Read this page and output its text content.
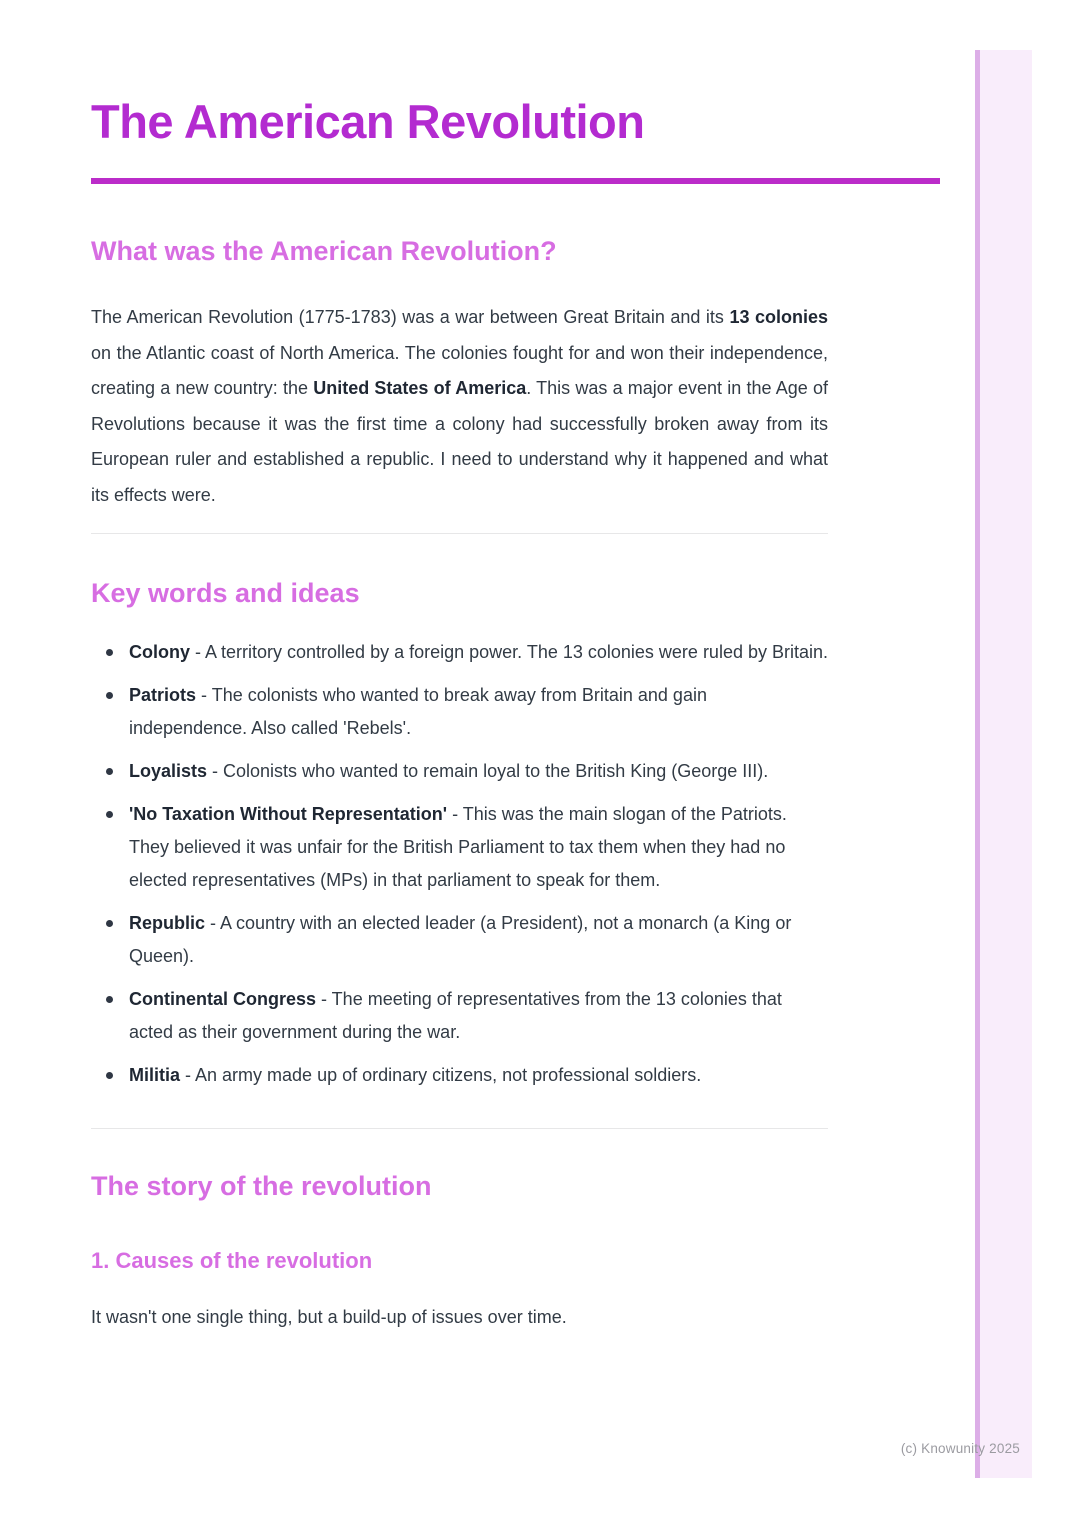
The American Revolution
What was the American Revolution?

The American Revolution (1775-1783) was a war between Great Britain and its 13 colonies on the Atlantic coast of North America. The colonies fought for and won their independence, creating a new country: the United States of America. This was a major event in the Age of Revolutions because it was the first time a colony had successfully broken away from its European ruler and established a republic. I need to understand why it happened and what its effects were.

Key words and ideas
Colony - A territory controlled by a foreign power. The 13 colonies were ruled by Britain.
Patriots - The colonists who wanted to break away from Britain and gain independence. Also called 'Rebels'.
Loyalists - Colonists who wanted to remain loyal to the British King (George III).
'No Taxation Without Representation' - This was the main slogan of the Patriots. They believed it was unfair for the British Parliament to tax them when they had no elected representatives (MPs) in that parliament to speak for them.
Republic - A country with an elected leader (a President), not a monarch (a King or Queen).
Continental Congress - The meeting of representatives from the 13 colonies that acted as their government during the war.
Militia - An army made up of ordinary citizens, not professional soldiers.
The story of the revolution
1. Causes of the revolution

It wasn't one single thing, but a build-up of issues over time.

(c) Knowunity 2025
